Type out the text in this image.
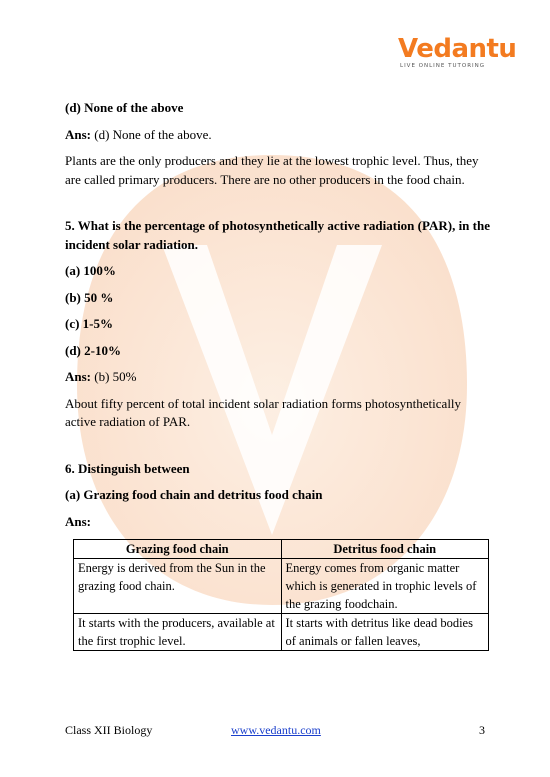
Vedantu
LIVE ONLINE TUTORING

(d) None of the above

Ans: (d) None of the above.

Plants are the only producers and they lie at the lowest trophic level. Thus, they are called primary producers. There are no other producers in the food chain.

5. What is the percentage of photosynthetically active radiation (PAR), in the incident solar radiation.

(a) 100%

(b) 50 %

(c) 1-5%

(d) 2-10%

Ans: (b) 50%

About fifty percent of total incident solar radiation forms photosynthetically active radiation of PAR.

6. Distinguish between

(a) Grazing food chain and detritus food chain

Ans:

Grazing food chain	Detritus food chain
Energy is derived from the Sun in the grazing food chain.	Energy comes from organic matter which is generated in trophic levels of the grazing foodchain.
It starts with the producers, available at the first trophic level.	It starts with detritus like dead bodies of animals or fallen leaves,
Class XII Biology	www.vedantu.com	3
